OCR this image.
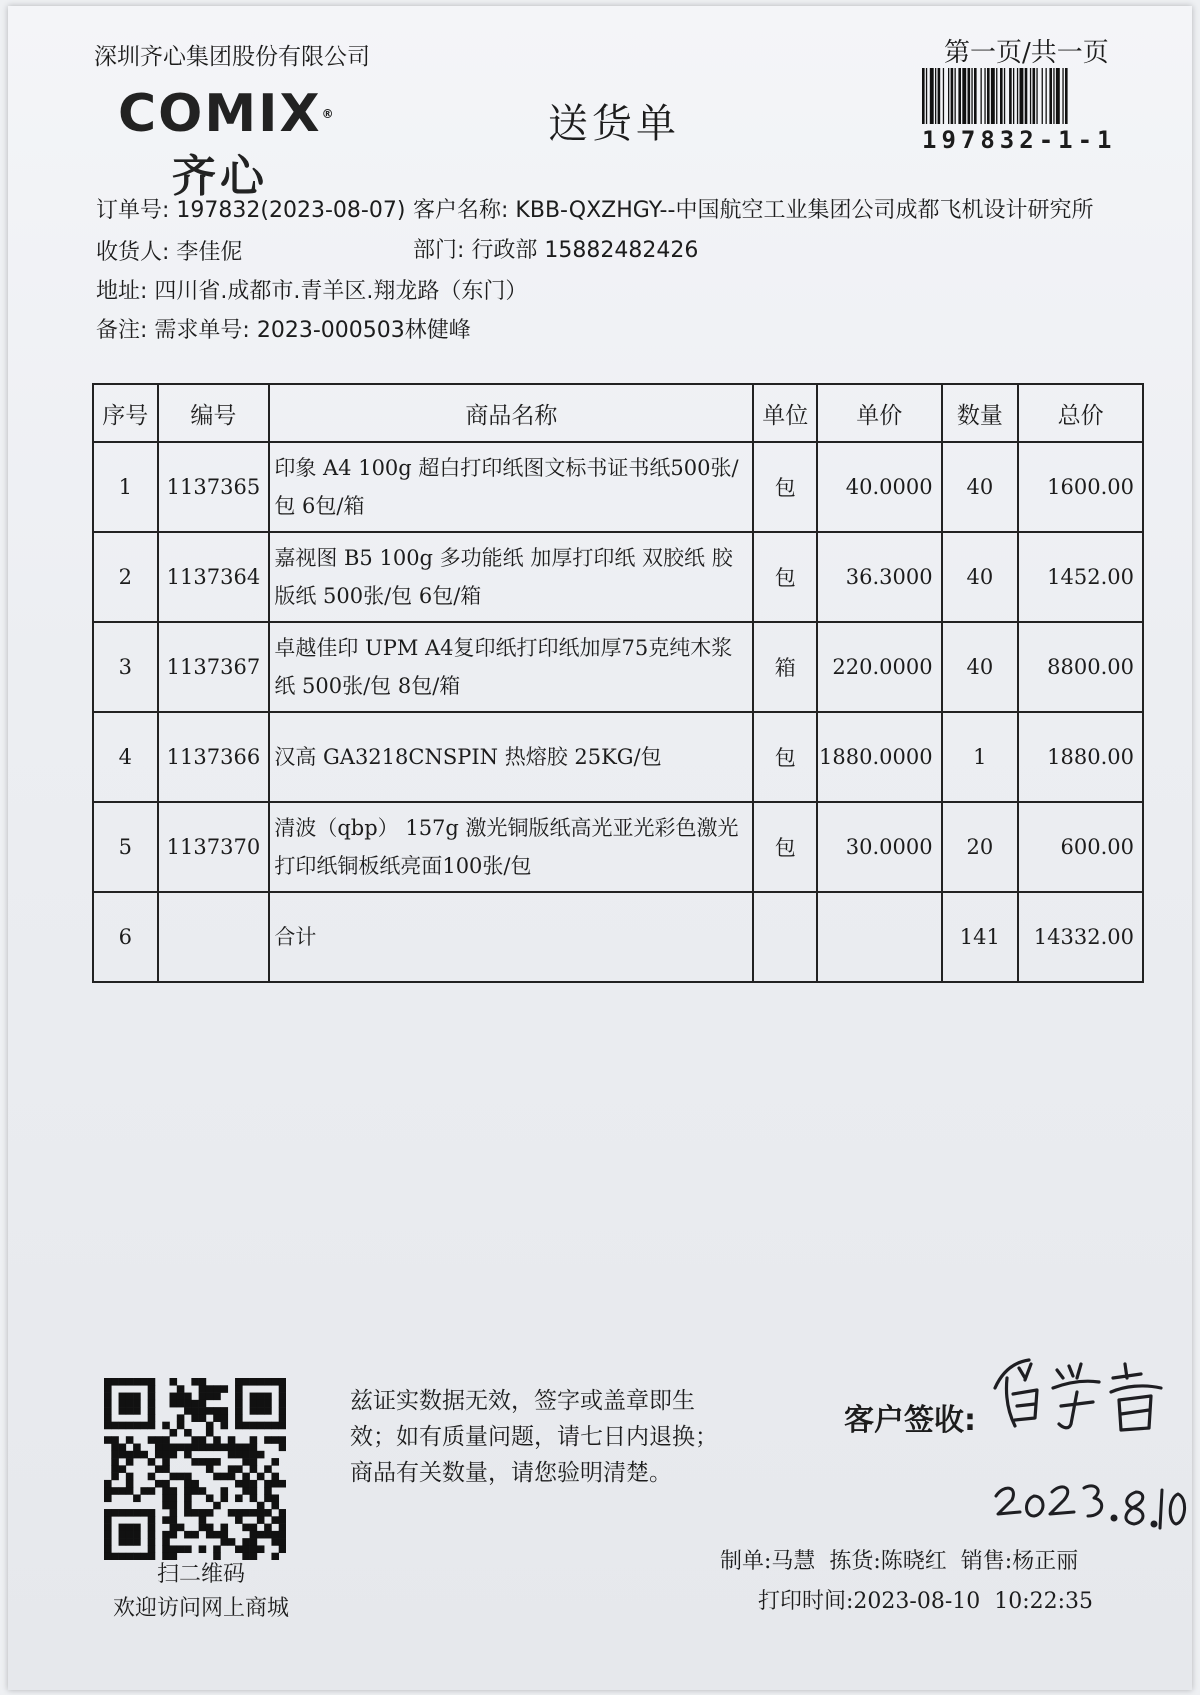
深圳齐心集团股份有限公司	第一页/共一页
COMIX®
齐心
送货单	197832-1-1
订单号: 197832(2023-08-07) 客户名称: KBB-QXZHGY--中国航空工业集团公司成都飞机设计研究所
收货人: 李佳伲	部门: 行政部 15882482426
地址: 四川省.成都市.青羊区.翔龙路（东门）
备注: 需求单号: 2023-000503林健峰
序号	编号	商品名称	单位	单价	数量	总价
1	1137365	印象 A4 100g 超白打印纸图文标书证书纸500张/包 6包/箱	包	40.0000	40	1600.00
2	1137364	嘉视图 B5 100g 多功能纸 加厚打印纸 双胶纸 胶版纸 500张/包 6包/箱	包	36.3000	40	1452.00
3	1137367	卓越佳印 UPM A4复印纸打印纸加厚75克纯木浆纸 500张/包 8包/箱	箱	220.0000	40	8800.00
4	1137366	汉高 GA3218CNSPIN 热熔胶 25KG/包	包	1880.0000	1	1880.00
5	1137370	清波（qbp） 157g 激光铜版纸高光亚光彩色激光打印纸铜板纸亮面100张/包	包	30.0000	20	600.00
6		合计			141	14332.00
扫二维码
欢迎访问网上商城
兹证实数据无效，签字或盖章即生
效；如有质量问题，请七日内退换；
商品有关数量，请您验明清楚。
客户签收:
制单:马慧  拣货:陈晓红  销售:杨正丽
打印时间:2023-08-10  10:22:35
